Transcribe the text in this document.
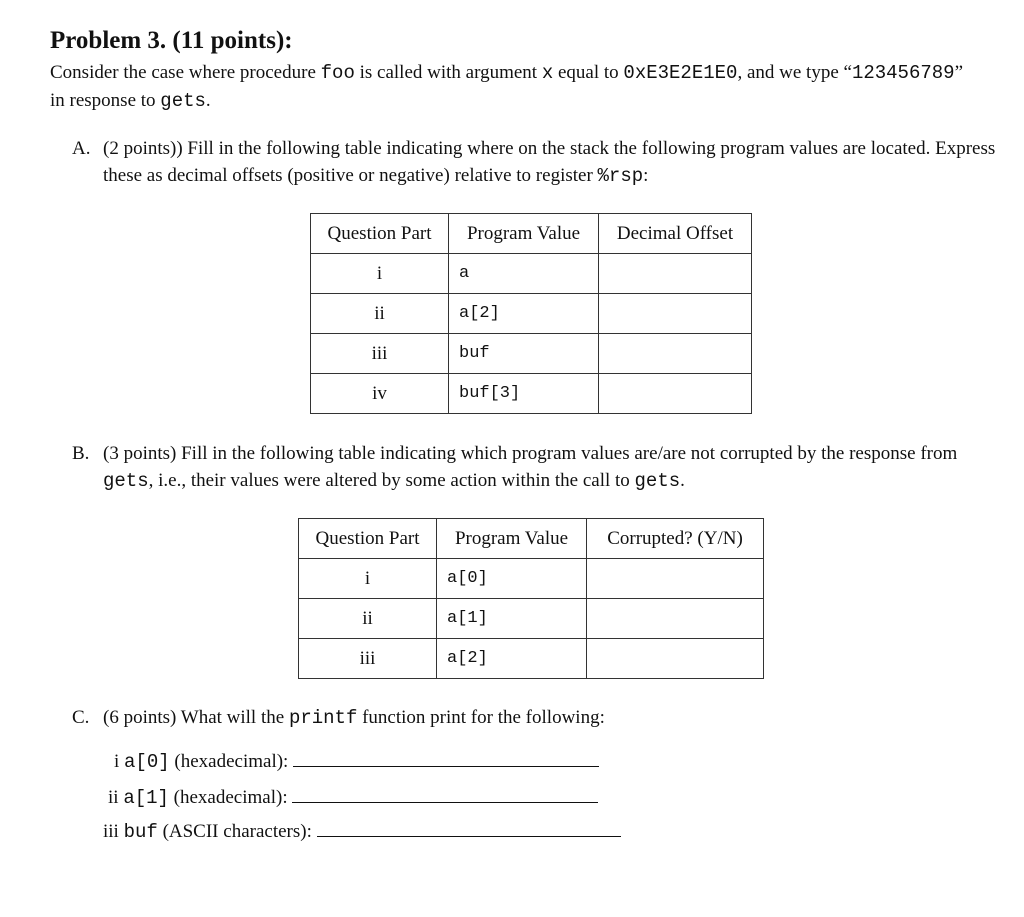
Problem 3. (11 points):

Consider the case where procedure foo is called with argument x equal to 0xE3E2E1E0, and we type “123456789” in response to gets.

A. (2 points)) Fill in the following table indicating where on the stack the following program values are located. Express these as decimal offsets (positive or negative) relative to register %rsp:

Question Part	Program Value	Decimal Offset
i	a	
ii	a[2]	
iii	buf	
iv	buf[3]	

B. (3 points) Fill in the following table indicating which program values are/are not corrupted by the response from gets, i.e., their values were altered by some action within the call to gets.

Question Part	Program Value	Corrupted? (Y/N)
i	a[0]	
ii	a[1]	
iii	a[2]	

C. (6 points) What will the printf function print for the following:

i a[0] (hexadecimal):
ii a[1] (hexadecimal):
iii buf (ASCII characters):
